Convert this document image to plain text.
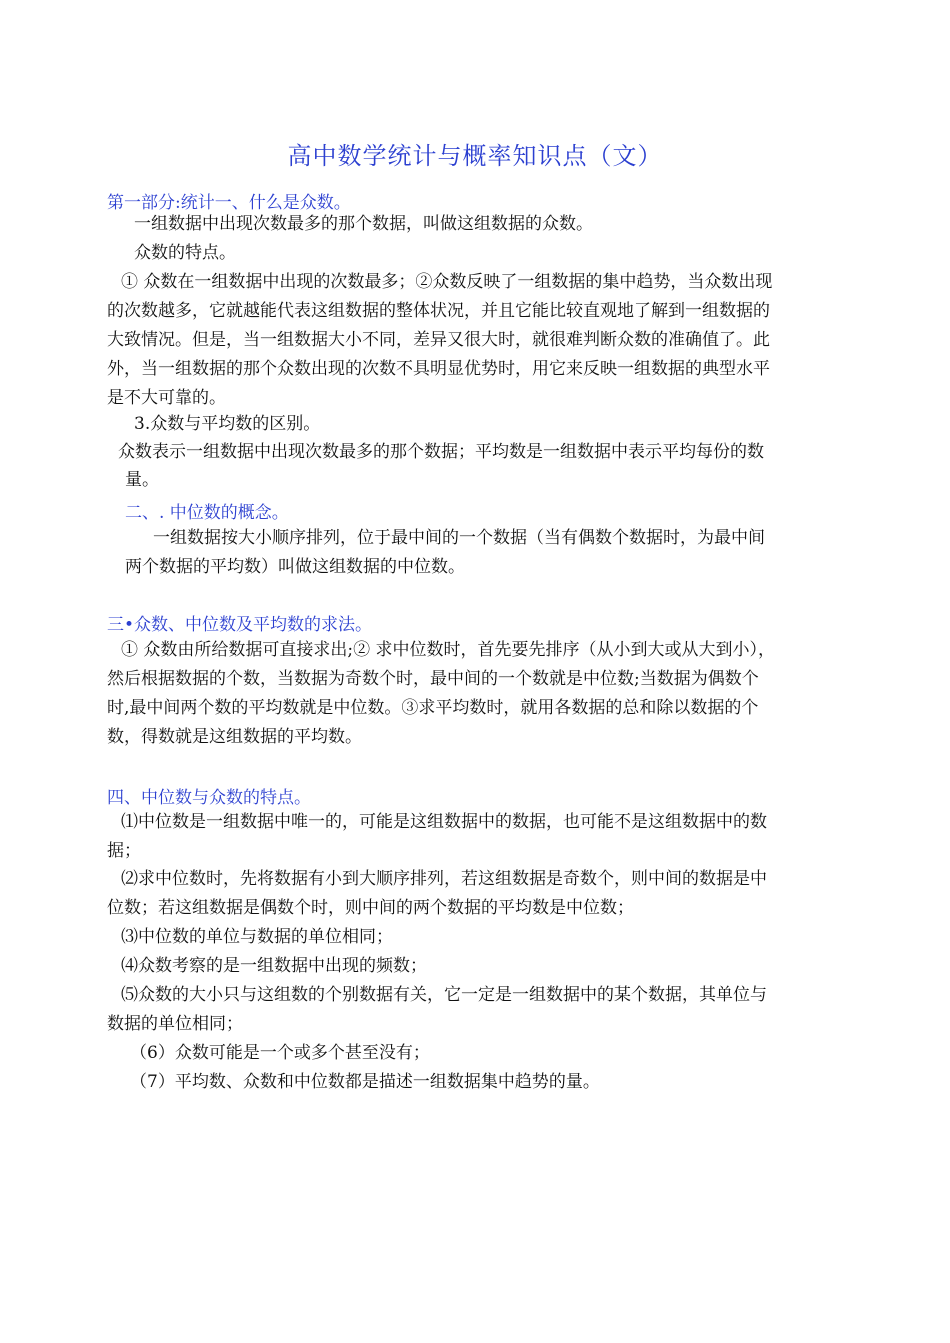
高中数学统计与概率知识点（文）
第一部分:统计一、什么是众数。
一组数据中出现次数最多的那个数据，叫做这组数据的众数。
众数的特点。
① 众数在一组数据中出现的次数最多；②众数反映了一组数据的集中趋势，当众数出现
的次数越多，它就越能代表这组数据的整体状况，并且它能比较直观地了解到一组数据的
大致情况。但是，当一组数据大小不同，差异又很大时，就很难判断众数的准确值了。此
外，当一组数据的那个众数出现的次数不具明显优势时，用它来反映一组数据的典型水平
是不大可靠的。
3.众数与平均数的区别。
众数表示一组数据中出现次数最多的那个数据；平均数是一组数据中表示平均每份的数
量。
二、. 中位数的概念。
一组数据按大小顺序排列，位于最中间的一个数据（当有偶数个数据时，为最中间
两个数据的平均数）叫做这组数据的中位数。
三•众数、中位数及平均数的求法。
① 众数由所给数据可直接求出;② 求中位数时，首先要先排序（从小到大或从大到小），
然后根据数据的个数，当数据为奇数个时，最中间的一个数就是中位数;当数据为偶数个
时,最中间两个数的平均数就是中位数。③求平均数时，就用各数据的总和除以数据的个
数，得数就是这组数据的平均数。
四、中位数与众数的特点。
⑴中位数是一组数据中唯一的，可能是这组数据中的数据，也可能不是这组数据中的数
据；
⑵求中位数时，先将数据有小到大顺序排列，若这组数据是奇数个，则中间的数据是中
位数；若这组数据是偶数个时，则中间的两个数据的平均数是中位数；
⑶中位数的单位与数据的单位相同；
⑷众数考察的是一组数据中出现的频数；
⑸众数的大小只与这组数的个别数据有关，它一定是一组数据中的某个数据，其单位与
数据的单位相同；
（6）众数可能是一个或多个甚至没有；
（7）平均数、众数和中位数都是描述一组数据集中趋势的量。
